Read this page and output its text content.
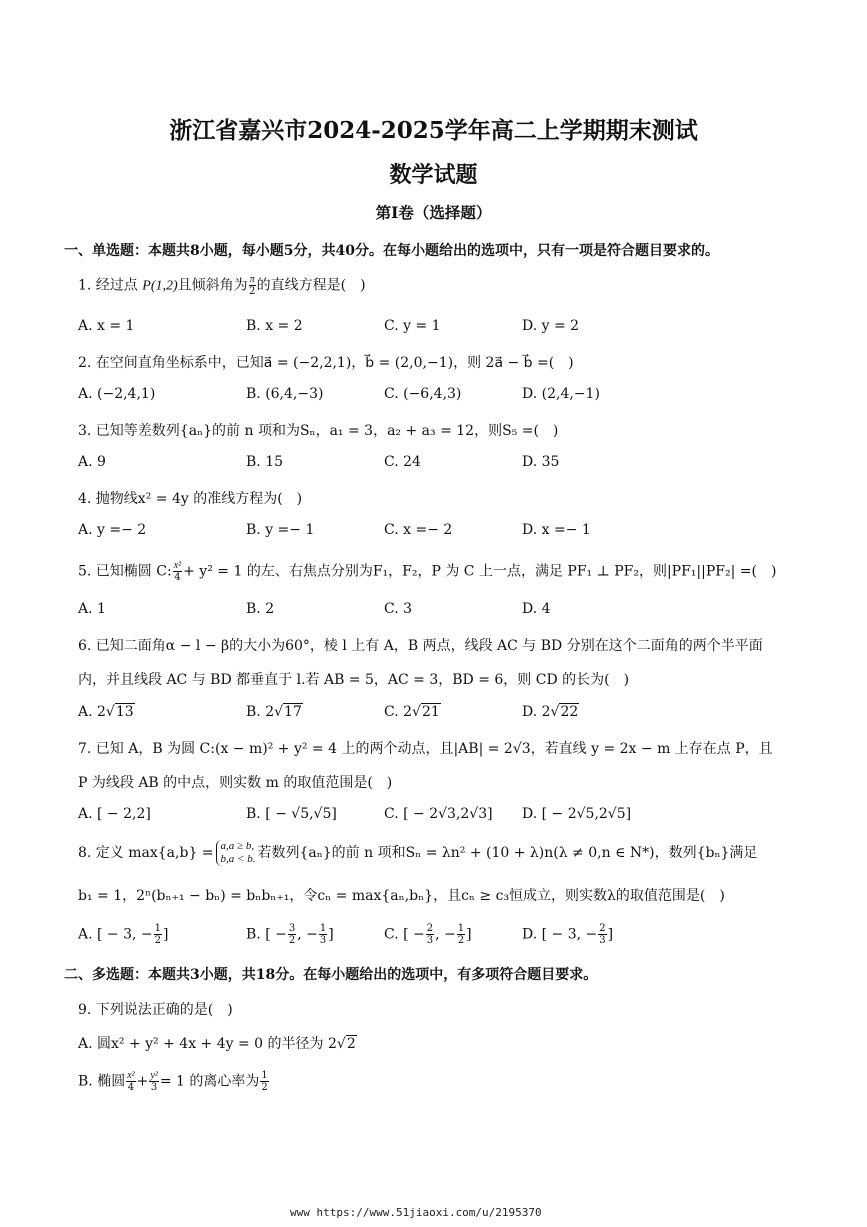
浙江省嘉兴市2024-2025学年高二上学期期末测试
数学试题
第I卷（选择题）
一、单选题：本题共8小题，每小题5分，共40分。在每小题给出的选项中，只有一项是符合题目要求的。
1. 经过点 P(1,2)且倾斜角为 $\frac{\pi}{2}$ 的直线方程是(　)
A. x = 1	B. x = 2	C. y = 1	D. y = 2
2. 在空间直角坐标系中，已知a⃗ = (−2,2,1)，b⃗ = (2,0,−1)，则 2a⃗ − b⃗ =(　)
A. (−2,4,1)	B. (6,4,−3)	C. (−6,4,3)	D. (2,4,−1)
3. 已知等差数列{aₙ}的前 n 项和为Sₙ，a₁ = 3，a₂ + a₃ = 12，则S₅ =(　)
A. 9	B. 15	C. 24	D. 35
4. 抛物线x² = 4y 的准线方程为(　)
A. y =− 2	B. y =− 1	C. x =− 2	D. x =− 1
5. 已知椭圆 C: $\frac{\text{x²}}{4} + y^2 = 1$ 的左、右焦点分别为F₁，F₂，P 为 C 上一点，满足 PF₁ ⊥ PF₂，则|PF₁||PF₂| =(　)
A. 1	B. 2	C. 3	D. 4
6. 已知二面角α − l − β的大小为60°，棱 l 上有 A，B 两点，线段 AC 与 BD 分别在这个二面角的两个半平面
内，并且线段 AC 与 BD 都垂直于 l.若 AB = 5，AC = 3，BD = 6，则 CD 的长为(　)
A. 2√13	B. 2√17	C. 2√21	D. 2√22
7. 已知 A，B 为圆 C:(x − m)² + y² = 4 上的两个动点，且|AB| = 2√3，若直线 y = 2x − m 上存在点 P，且
P 为线段 AB 的中点，则实数 m 的取值范围是(　)
A. [ − 2,2]	B. [ − √5,√5]	C. [ − 2√3,2√3] D. [ − 2√5,2√5]
8. 定义 max{a,b} = a,a ≥ b,
b,a < b. 若数列{aₙ}的前 n 项和Sₙ = λn² + (10 + λ)n(λ ≠ 0,n ∈ N*)，数列{bₙ}满足
b₁ = 1，2ⁿ(bₙ₊₁ − bₙ) = bₙbₙ₊₁，令cₙ = max{aₙ,bₙ}，且cₙ ≥ c₃恒成立，则实数λ的取值范围是(　)
A. [ − 3, − $\frac{1}{2}$ ]	B. [ − $\frac{3}{2}$ , − $\frac{1}{3}$ ]	C. [ − $\frac{2}{3}$ , − $\frac{1}{2}$ ]	D. [ − 3, − $\frac{2}{3}$ ]
二、多选题：本题共3小题，共18分。在每小题给出的选项中，有多项符合题目要求。
9. 下列说法正确的是(　)
A. 圆x² + y² + 4x + 4y = 0 的半径为 2√2
B. 椭圆 $\frac{\text{x²}}{4} + \frac{\text{y²}}{3} = 1$ 的离心率为 $\frac{1}{2}$
www https://www.51jiaoxi.com/u/2195370
